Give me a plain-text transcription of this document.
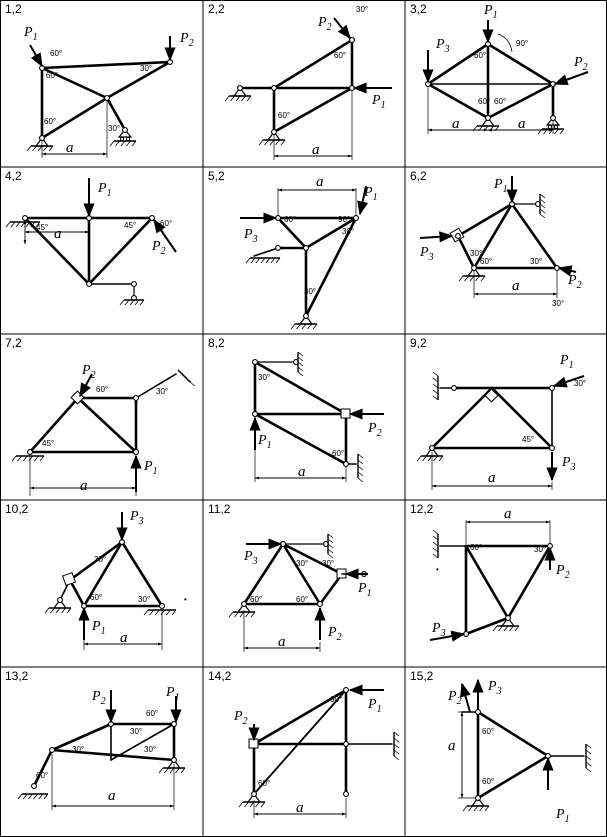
1,2
$P_1$	$P_2$
60°
60°
60°
30°
30°
a
2,2
$P_2$
$P_1$
30°
60°
60°
a
3,2	$P_1$
$P_3$
$P_2$
60°
60° 60°
90°
a	a
4,2
$P_1$
$P_2$
45°	45°	60°
a
5,2
$P_1$
$P_3$
60°	90°
30°
30°
a	6,2
$P_1$
$P_3$
$P_2$
30°
60°	30°
30°
a
7,2
$P_2$
$P_1$
60°	30°
45°
a
8,2
$P_1$
$P_2$
30°
60°
a
9,2
$P_1$
$P_3$
30°
45°
a
10,2	$P_3$
$P_1$
30°
60°	30°	•
a
11,2
$P_3$
$P_1$
$P_2$
30°
60°	60°
30°
a
12,2
$P_2$
$P_3$
60°	30°
•
a
13,2
$P_2$
$P_1$
60°
30°
60°
30°
30°
a
14,2
$P_2$
$P_1$
60°
60°
a
15,2
$P_3$
$P_2$
$P_1$
60°
60°
a
